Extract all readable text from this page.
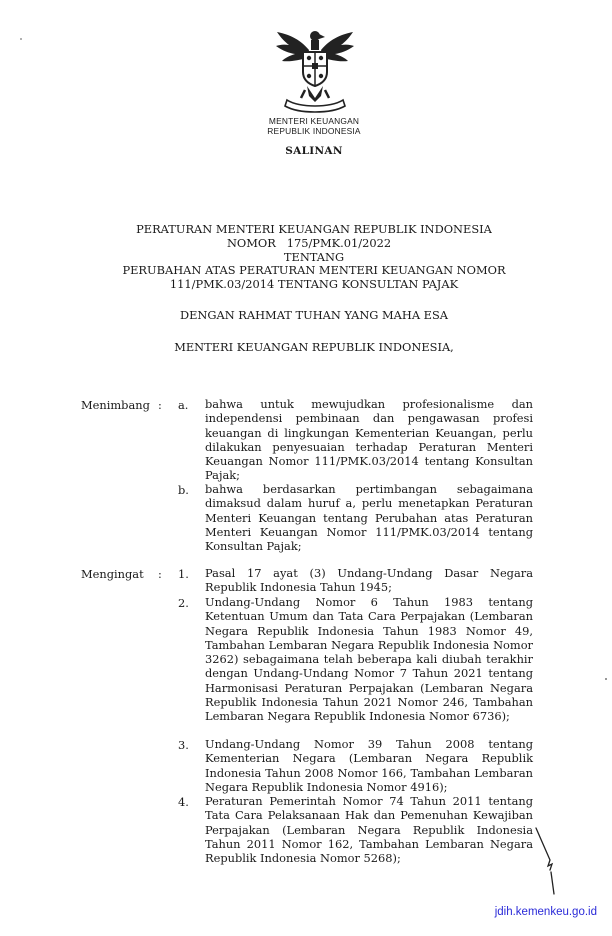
MENTERI KEUANGAN
REPUBLIK INDONESIA
SALINAN
PERATURAN MENTERI KEUANGAN REPUBLIK INDONESIA
NOMOR 175/PMK.01/2022
TENTANG
PERUBAHAN ATAS PERATURAN MENTERI KEUANGAN NOMOR
111/PMK.03/2014 TENTANG KONSULTAN PAJAK
DENGAN RAHMAT TUHAN YANG MAHA ESA
MENTERI KEUANGAN REPUBLIK INDONESIA,
Menimbang : a. bahwa untuk mewujudkan profesionalisme dan independensi pembinaan dan pengawasan profesi keuangan di lingkungan Kementerian Keuangan, perlu dilakukan penyesuaian terhadap Peraturan Menteri Keuangan Nomor 111/PMK.03/2014 tentang Konsultan Pajak;
b. bahwa berdasarkan pertimbangan sebagaimana dimaksud dalam huruf a, perlu menetapkan Peraturan Menteri Keuangan tentang Perubahan atas Peraturan Menteri Keuangan Nomor 111/PMK.03/2014 tentang Konsultan Pajak;
Mengingat : 1. Pasal 17 ayat (3) Undang-Undang Dasar Negara Republik Indonesia Tahun 1945;
2. Undang-Undang Nomor 6 Tahun 1983 tentang Ketentuan Umum dan Tata Cara Perpajakan (Lembaran Negara Republik Indonesia Tahun 1983 Nomor 49, Tambahan Lembaran Negara Republik Indonesia Nomor 3262) sebagaimana telah beberapa kali diubah terakhir dengan Undang-Undang Nomor 7 Tahun 2021 tentang Harmonisasi Peraturan Perpajakan (Lembaran Negara Republik Indonesia Tahun 2021 Nomor 246, Tambahan Lembaran Negara Republik Indonesia Nomor 6736);
3. Undang-Undang Nomor 39 Tahun 2008 tentang Kementerian Negara (Lembaran Negara Republik Indonesia Tahun 2008 Nomor 166, Tambahan Lembaran Negara Republik Indonesia Nomor 4916);
4. Peraturan Pemerintah Nomor 74 Tahun 2011 tentang Tata Cara Pelaksanaan Hak dan Pemenuhan Kewajiban Perpajakan (Lembaran Negara Republik Indonesia Tahun 2011 Nomor 162, Tambahan Lembaran Negara Republik Indonesia Nomor 5268);
jdih.kemenkeu.go.id
